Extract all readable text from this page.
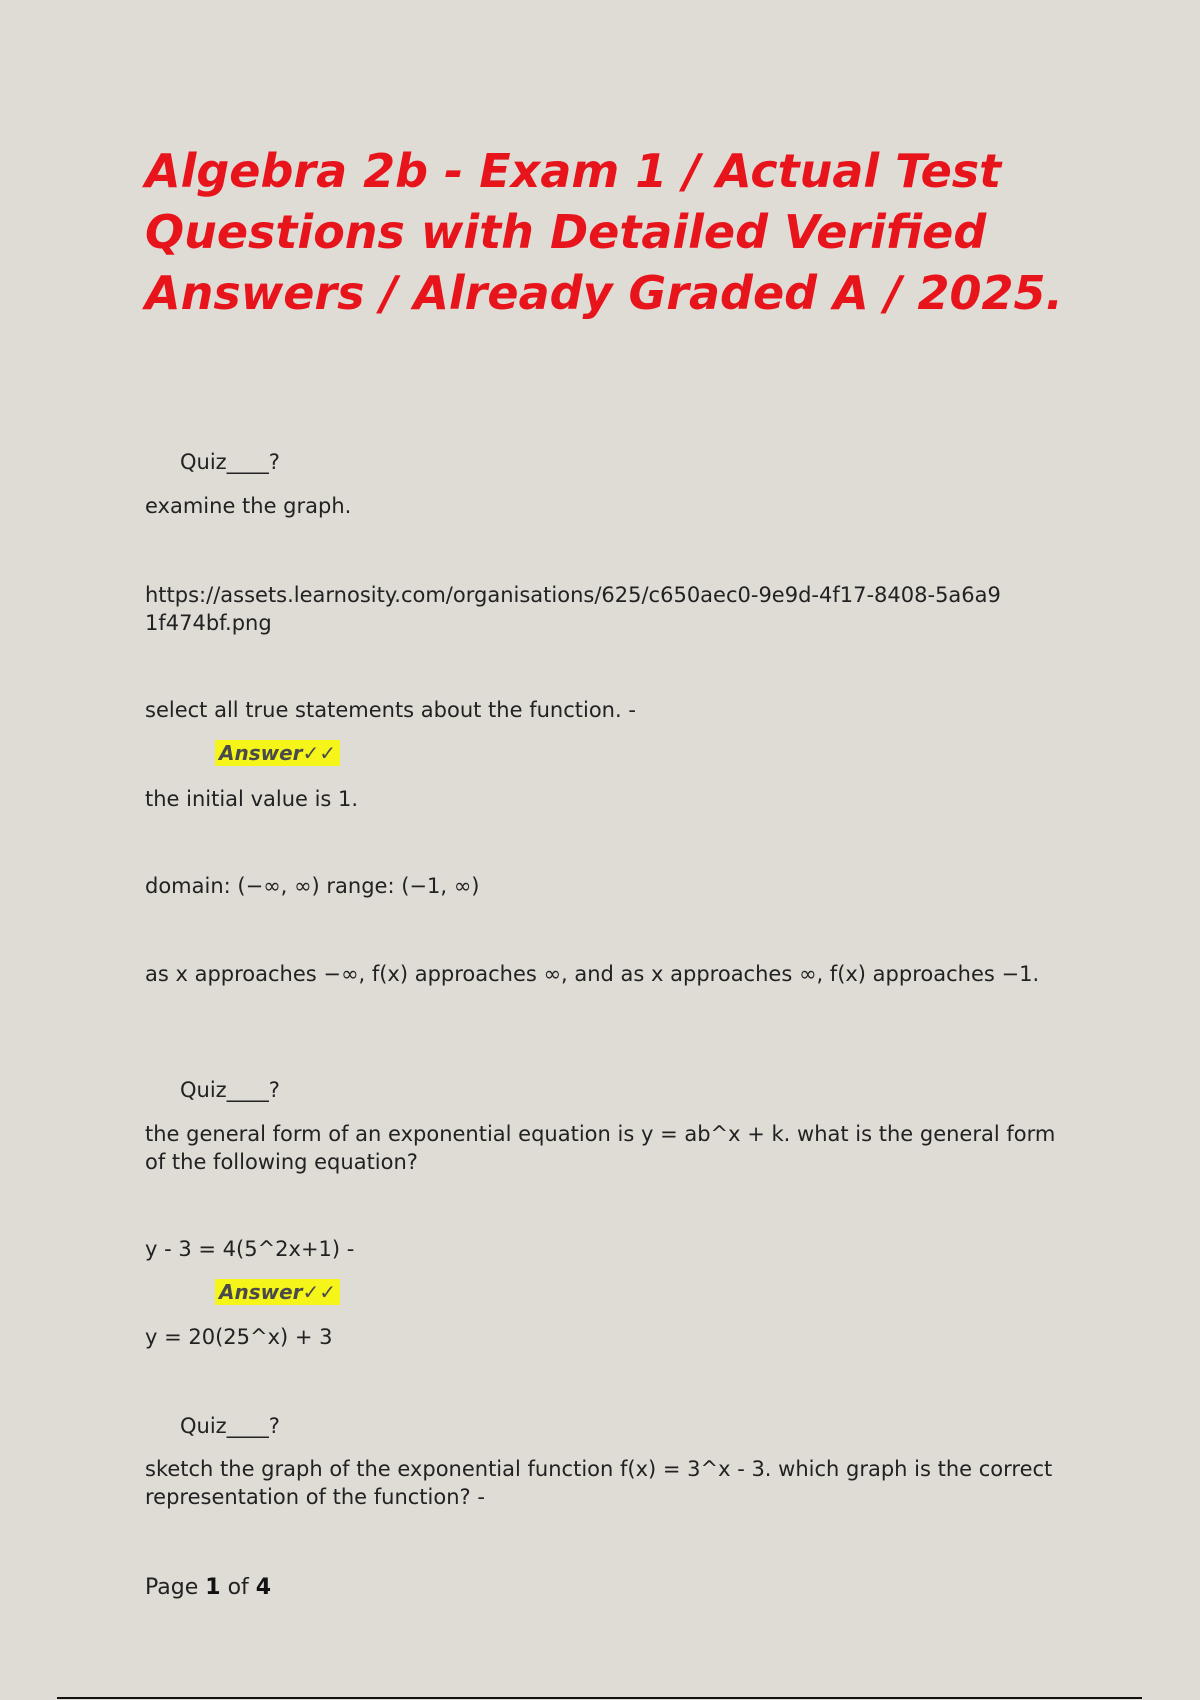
Algebra 2b - Exam 1 / Actual Test Questions with Detailed Verified Answers / Already Graded A / 2025.
Quiz____?

examine the graph.

https://assets.learnosity.com/organisations/625/c650aec0-9e9d-4f17-8408-5a6a91f474bf.png

select all true statements about the function. -

Answer✓✓

the initial value is 1.

domain: (−∞, ∞) range: (−1, ∞)

as x approaches −∞, f(x) approaches ∞, and as x approaches ∞, f(x) approaches −1.

Quiz____?

the general form of an exponential equation is y = ab^x + k. what is the general form of the following equation?

y - 3 = 4(5^2x+1) -

Answer✓✓

y = 20(25^x) + 3

Quiz____?

sketch the graph of the exponential function f(x) = 3^x - 3. which graph is the correct representation of the function? -

Page 1 of 4
